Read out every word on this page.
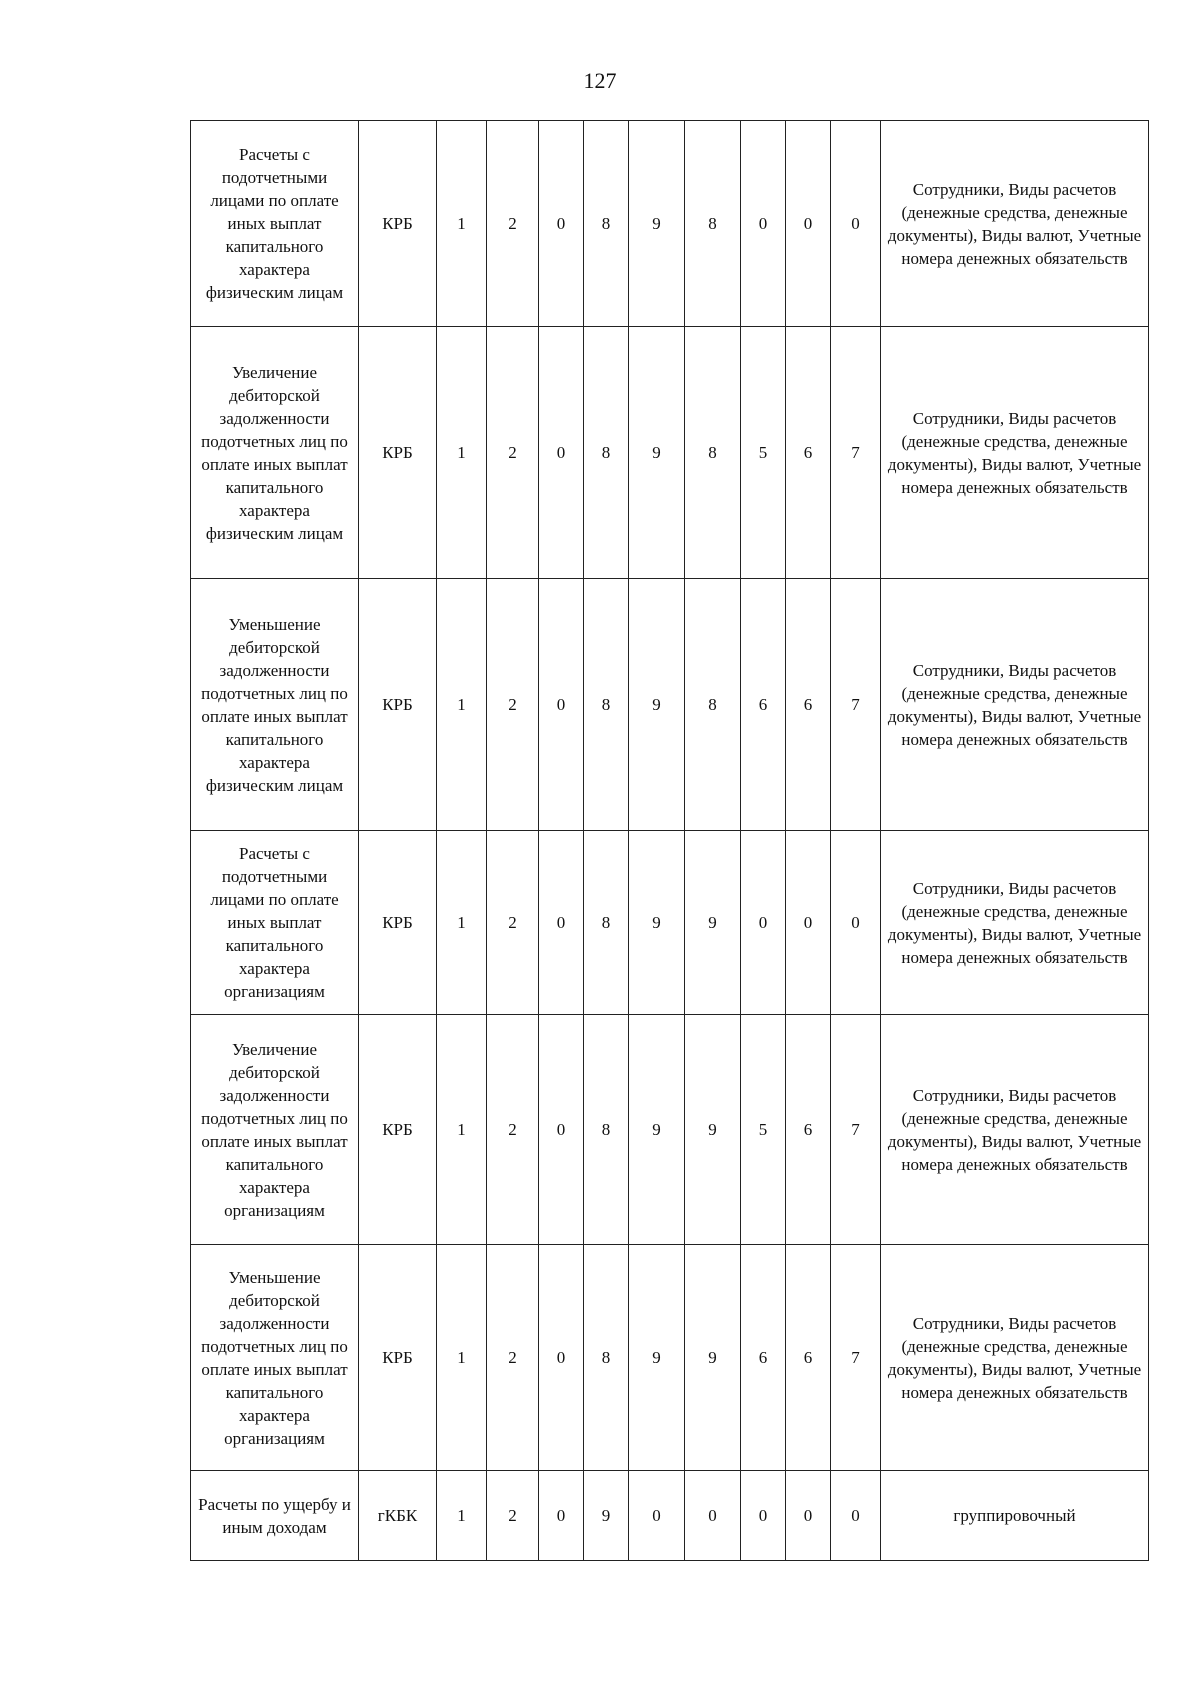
127
Расчеты с подотчетными лицами по оплате иных выплат капитального характера физическим лицам	КРБ	1	2	0	8	9	8	0	0	0	Сотрудники, Виды расчетов (денежные средства, денежные документы), Виды валют, Учетные номера денежных обязательств
Увеличение дебиторской задолженности подотчетных лиц по оплате иных выплат капитального характера физическим лицам	КРБ	1	2	0	8	9	8	5	6	7	Сотрудники, Виды расчетов (денежные средства, денежные документы), Виды валют, Учетные номера денежных обязательств
Уменьшение дебиторской задолженности подотчетных лиц по оплате иных выплат капитального характера физическим лицам	КРБ	1	2	0	8	9	8	6	6	7	Сотрудники, Виды расчетов (денежные средства, денежные документы), Виды валют, Учетные номера денежных обязательств
Расчеты с подотчетными лицами по оплате иных выплат капитального характера организациям	КРБ	1	2	0	8	9	9	0	0	0	Сотрудники, Виды расчетов (денежные средства, денежные документы), Виды валют, Учетные номера денежных обязательств
Увеличение дебиторской задолженности подотчетных лиц по оплате иных выплат капитального характера организациям	КРБ	1	2	0	8	9	9	5	6	7	Сотрудники, Виды расчетов (денежные средства, денежные документы), Виды валют, Учетные номера денежных обязательств
Уменьшение дебиторской задолженности подотчетных лиц по оплате иных выплат капитального характера организациям	КРБ	1	2	0	8	9	9	6	6	7	Сотрудники, Виды расчетов (денежные средства, денежные документы), Виды валют, Учетные номера денежных обязательств
Расчеты по ущербу и иным доходам	гКБК	1	2	0	9	0	0	0	0	0	группировочный
